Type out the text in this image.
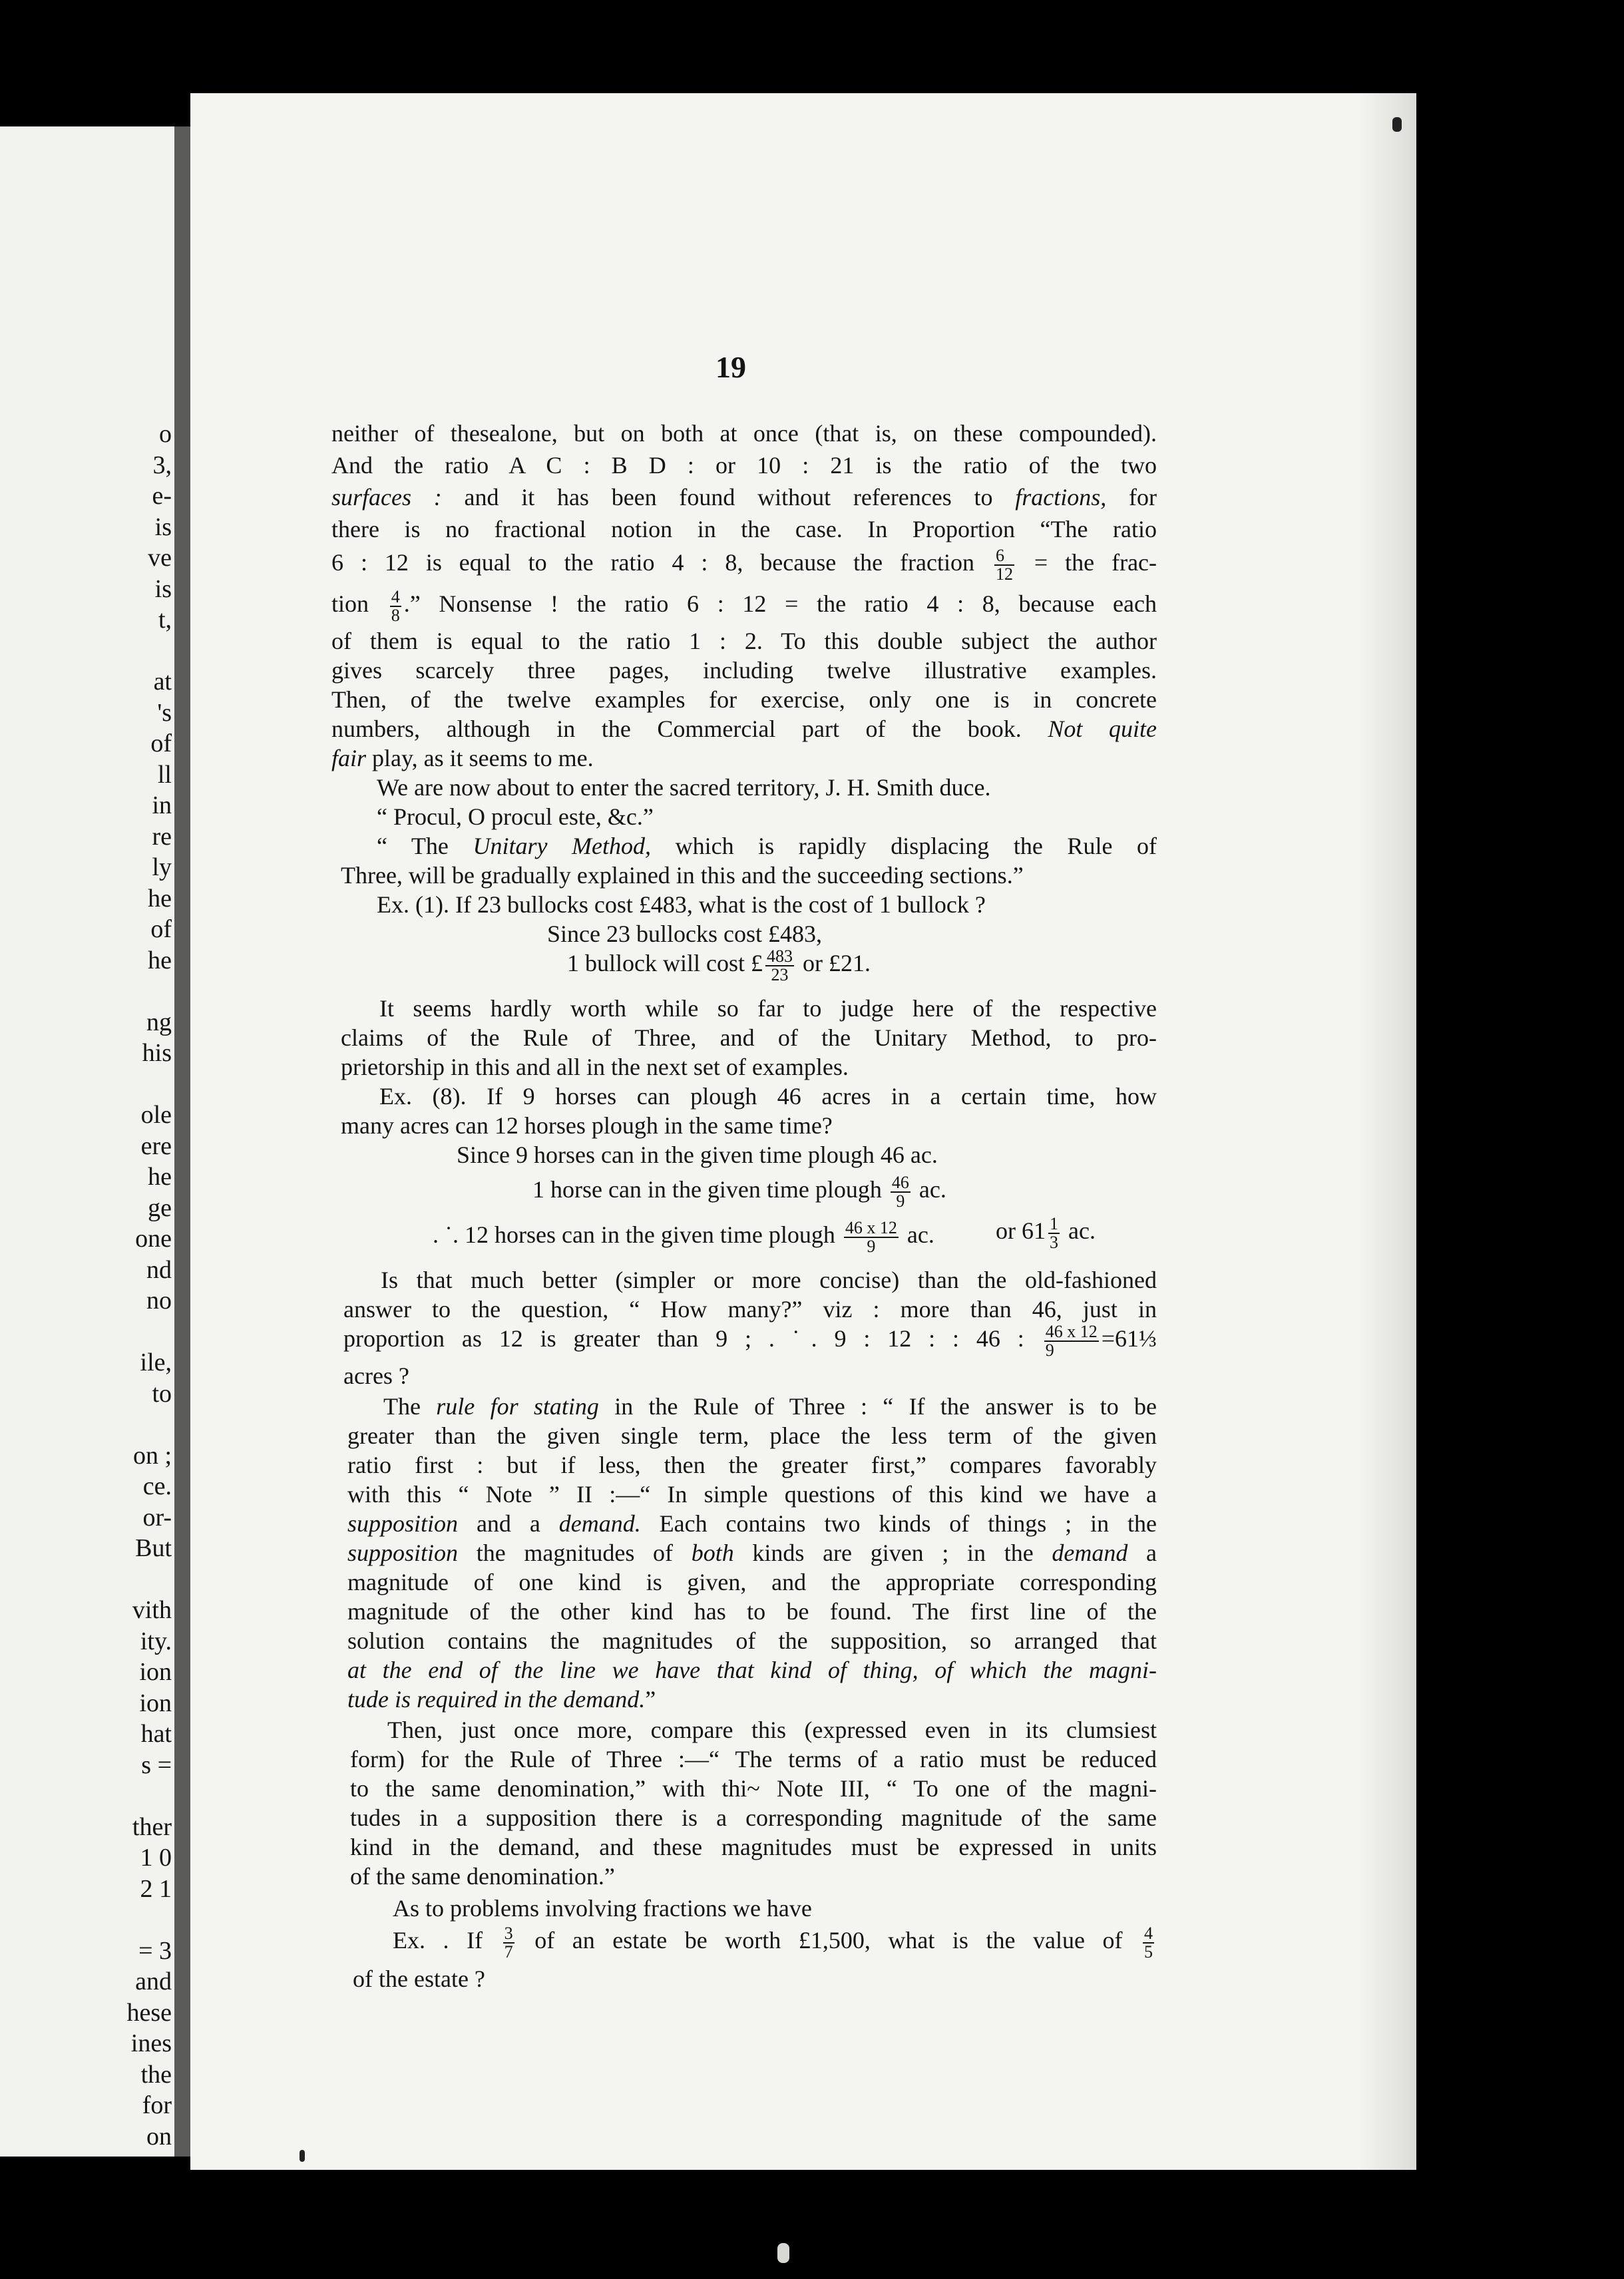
o
3,
e-
is
ve
is
t,
at
's
of
ll
in
re
ly
he
of
he
ng
his
ole
ere
he
ge
one
nd
no
ile,
to
on ;
ce.
or-
But
vith
ity.
ion
ion
hat
s =
ther
1 0
2 1
= 3
and
hese
ines
the
for
on
19
neither of thesealone, but on both at once (that is, on these compounded).
And the ratio A C : B D : or 10 : 21 is the ratio of the two
surfaces : and it has been found without references to fractions, for
there is no fractional notion in the case. In Proportion “The ratio
6 : 12 is equal to the ratio 4 : 8, because the fraction $\frac{6}{12}$ = the frac-
tion $\frac{4}{8}$ .” Nonsense ! the ratio 6 : 12 = the ratio 4 : 8, because each
of them is equal to the ratio 1 : 2. To this double subject the author
gives scarcely three pages, including twelve illustrative examples.
Then, of the twelve examples for exercise, only one is in concrete
numbers, although in the Commercial part of the book. Not quite
fair play, as it seems to me.
We are now about to enter the sacred territory, J. H. Smith duce.
“ Procul, O procul este, &c.”
“ The Unitary Method, which is rapidly displacing the Rule of
Three, will be gradually explained in this and the succeeding sections.”
Ex. (1). If 23 bullocks cost £483, what is the cost of 1 bullock ?
Since 23 bullocks cost £483,
1 bullock will cost £ $\frac{483}{23}$ or £21.
It seems hardly worth while so far to judge here of the respective
claims of the Rule of Three, and of the Unitary Method, to pro-
prietorship in this and all in the next set of examples.
Ex. (8). If 9 horses can plough 46 acres in a certain time, how
many acres can 12 horses plough in the same time?
Since 9 horses can in the given time plough 46 ac.
1 horse can in the given time plough $\frac{46}{9}$ ac.
. ˙. 12 horses can in the given time plough $\frac{46 x 12}{9}$ ac.	or $61 \frac{1}{3}$ ac.
Is that much better (simpler or more concise) than the old-fashioned
answer to the question, “ How many?” viz : more than 46, just in
proportion as 12 is greater than 9 ; . ˙. 9 : 12 : : 46 : $\frac{46 x 12}{9}$ =61⅓
acres ?
The rule for stating in the Rule of Three : “ If the answer is to be
greater than the given single term, place the less term of the given
ratio first : but if less, then the greater first,” compares favorably
with this “ Note ” II :—“ In simple questions of this kind we have a
supposition and a demand. Each contains two kinds of things ; in the
supposition the magnitudes of both kinds are given ; in the demand a
magnitude of one kind is given, and the appropriate corresponding
magnitude of the other kind has to be found. The first line of the
solution contains the magnitudes of the supposition, so arranged that
at the end of the line we have that kind of thing, of which the magni-
tude is required in the demand.”
Then, just once more, compare this (expressed even in its clumsiest
form) for the Rule of Three :—“ The terms of a ratio must be reduced
to the same denomination,” with thi~ Note III, “ To one of the magni-
tudes in a supposition there is a corresponding magnitude of the same
kind in the demand, and these magnitudes must be expressed in units
of the same denomination.”
As to problems involving fractions we have
Ex. . If $\frac{3}{7}$ of an estate be worth £1,500, what is the value of $\frac{4}{5}$
of the estate ?
